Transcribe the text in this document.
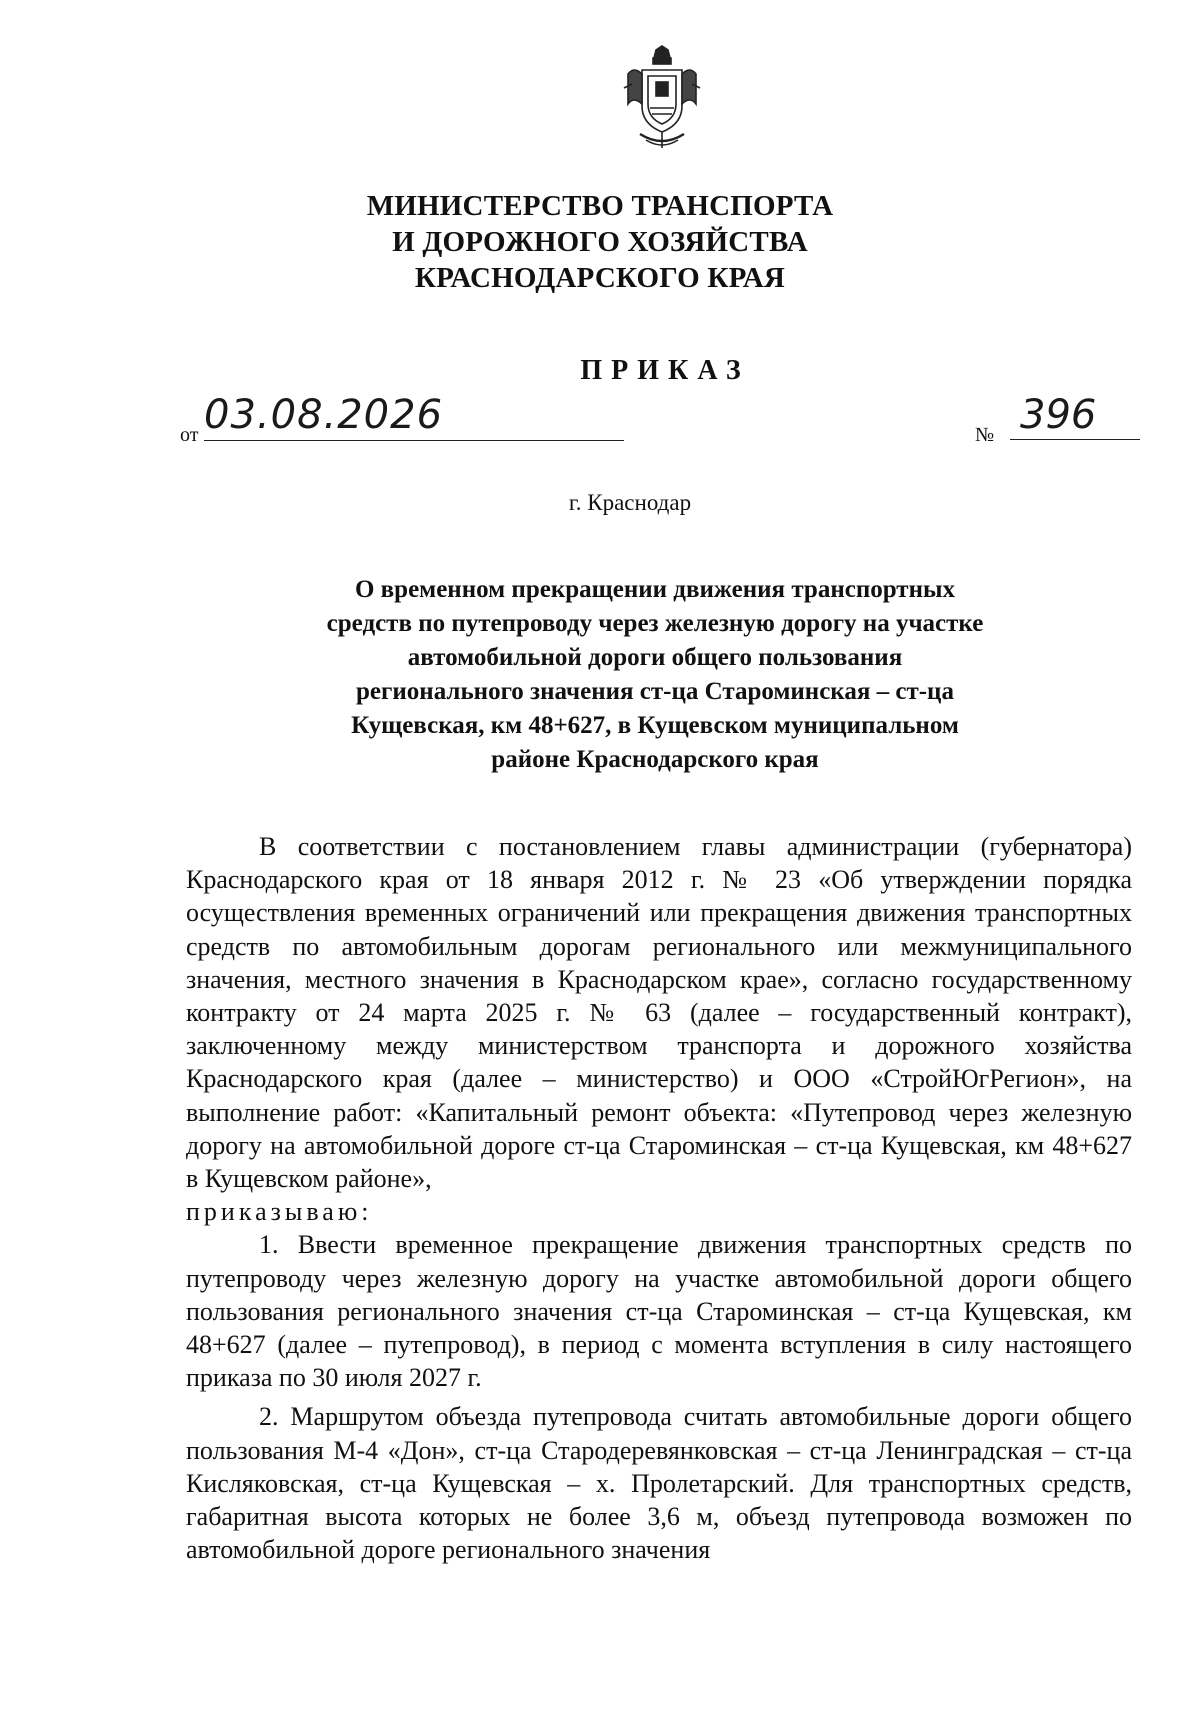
МИНИСТЕРСТВО ТРАНСПОРТА
И ДОРОЖНОГО ХОЗЯЙСТВА
КРАСНОДАРСКОГО КРАЯ
ПРИКАЗ
от 03.08.2026	№ 396
г. Краснодар
О временном прекращении движения транспортных
средств по путепроводу через железную дорогу на участке
автомобильной дороги общего пользования
регионального значения ст-ца Староминская – ст-ца
Кущевская, км 48+627, в Кущевском муниципальном
районе Краснодарского края

В соответствии с постановлением главы администрации (губернатора) Краснодарского края от 18 января 2012 г. № 23 «Об утверждении порядка осуществления временных ограничений или прекращения движения транспортных средств по автомобильным дорогам регионального или межмуниципального значения, местного значения в Краснодарском крае», согласно государственному контракту от 24 марта 2025 г. № 63 (далее – государственный контракт), заключенному между министерством транспорта и дорожного хозяйства Краснодарского края (далее – министерство) и ООО «СтройЮгРегион», на выполнение работ: «Капитальный ремонт объекта: «Путепровод через железную дорогу на автомобильной дороге ст-ца Староминская – ст-ца Кущевская, км 48+627 в Кущевском районе»,

приказываю:

1. Ввести временное прекращение движения транспортных средств по путепроводу через железную дорогу на участке автомобильной дороги общего пользования регионального значения ст-ца Староминская – ст-ца Кущевская, км 48+627 (далее – путепровод), в период с момента вступления в силу настоящего приказа по 30 июля 2027 г.

2. Маршрутом объезда путепровода считать автомобильные дороги общего пользования М-4 «Дон», ст-ца Стародеревянковская – ст-ца Ленинградская – ст-ца Кисляковская, ст-ца Кущевская – х. Пролетарский. Для транспортных средств, габаритная высота которых не более 3,6 м, объезд путепровода возможен по автомобильной дороге регионального значения
